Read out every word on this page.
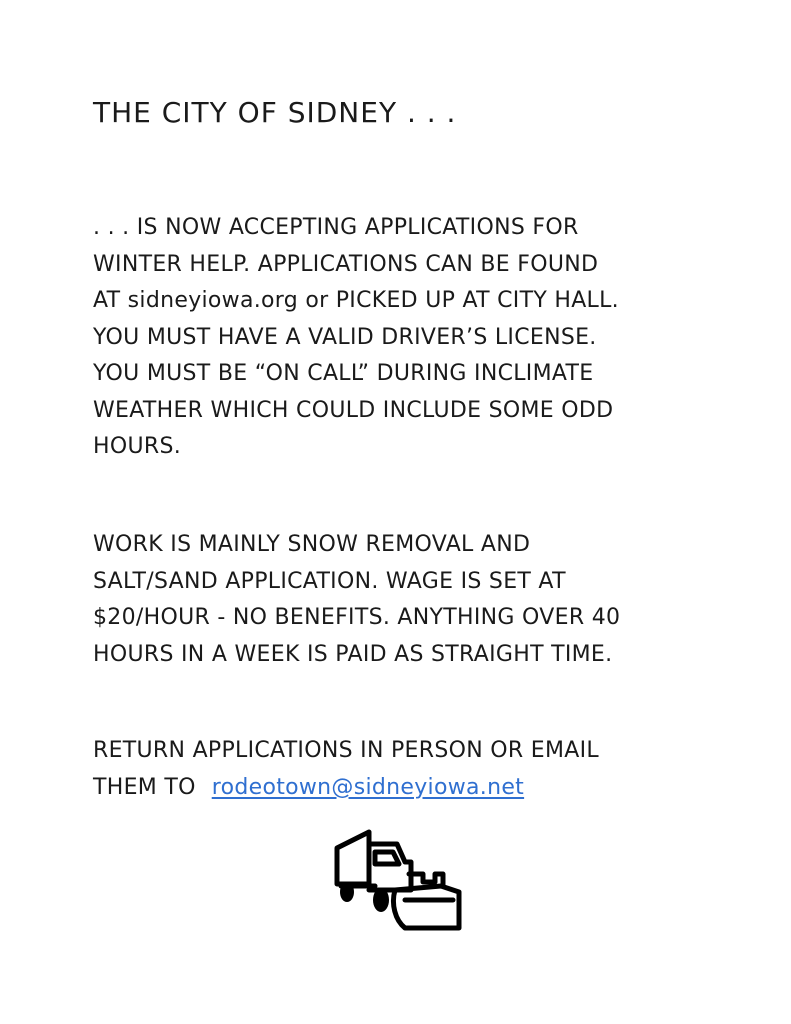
THE CITY OF SIDNEY . . .
. . . IS NOW ACCEPTING APPLICATIONS FOR
WINTER HELP. APPLICATIONS CAN BE FOUND
AT sidneyiowa.org or PICKED UP AT CITY HALL.
YOU MUST HAVE A VALID DRIVER’S LICENSE.
YOU MUST BE “ON CALL” DURING INCLIMATE
WEATHER WHICH COULD INCLUDE SOME ODD
HOURS.
WORK IS MAINLY SNOW REMOVAL AND
SALT/SAND APPLICATION. WAGE IS SET AT
$20/HOUR - NO BENEFITS. ANYTHING OVER 40
HOURS IN A WEEK IS PAID AS STRAIGHT TIME.
RETURN APPLICATIONS IN PERSON OR EMAIL
THEM TO rodeotown@sidneyiowa.net
